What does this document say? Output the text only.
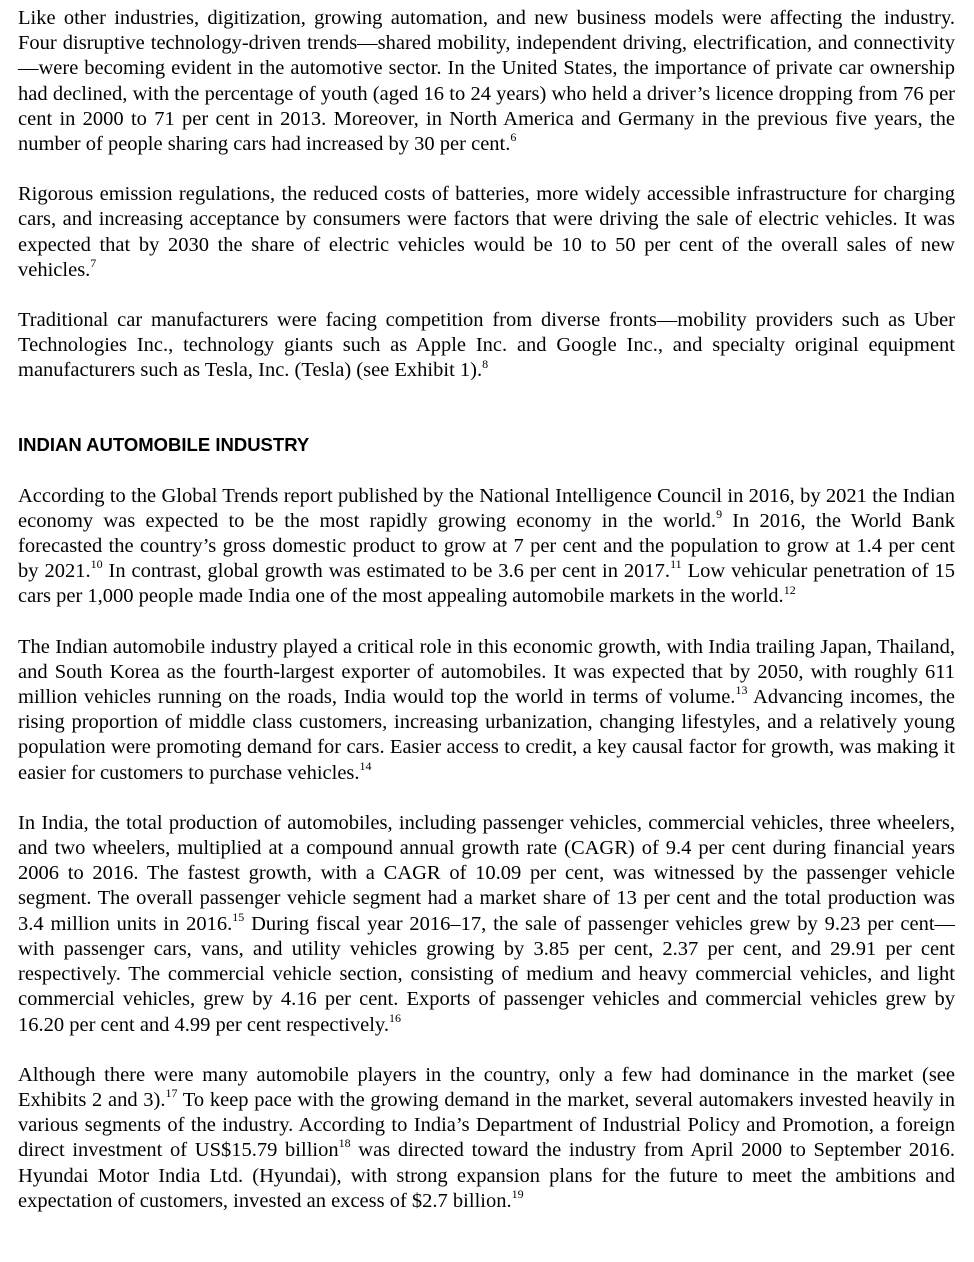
Like other industries, digitization, growing automation, and new business models were affecting the industry. Four disruptive technology-driven trends—shared mobility, independent driving, electrification, and connectivity—were becoming evident in the automotive sector. In the United States, the importance of private car ownership had declined, with the percentage of youth (aged 16 to 24 years) who held a driver’s licence dropping from 76 per cent in 2000 to 71 per cent in 2013. Moreover, in North America and Germany in the previous five years, the number of people sharing cars had increased by 30 per cent.$^6$

Rigorous emission regulations, the reduced costs of batteries, more widely accessible infrastructure for charging cars, and increasing acceptance by consumers were factors that were driving the sale of electric vehicles. It was expected that by 2030 the share of electric vehicles would be 10 to 50 per cent of the overall sales of new vehicles.$^7$

Traditional car manufacturers were facing competition from diverse fronts—mobility providers such as Uber Technologies Inc., technology giants such as Apple Inc. and Google Inc., and specialty original equipment manufacturers such as Tesla, Inc. (Tesla) (see Exhibit 1).$^8$

INDIAN AUTOMOBILE INDUSTRY

According to the Global Trends report published by the National Intelligence Council in 2016, by 2021 the Indian economy was expected to be the most rapidly growing economy in the world.$^9$ In 2016, the World Bank forecasted the country’s gross domestic product to grow at 7 per cent and the population to grow at 1.4 per cent by 2021.10 In contrast, global growth was estimated to be 3.6 per cent in 2017.11 Low vehicular penetration of 15 cars per 1,000 people made India one of the most appealing automobile markets in the world.$^{12}$

The Indian automobile industry played a critical role in this economic growth, with India trailing Japan, Thailand, and South Korea as the fourth-largest exporter of automobiles. It was expected that by 2050, with roughly 611 million vehicles running on the roads, India would top the world in terms of volume.$^{13}$ Advancing incomes, the rising proportion of middle class customers, increasing urbanization, changing lifestyles, and a relatively young population were promoting demand for cars. Easier access to credit, a key causal factor for growth, was making it easier for customers to purchase vehicles.$^{14}$

In India, the total production of automobiles, including passenger vehicles, commercial vehicles, three wheelers, and two wheelers, multiplied at a compound annual growth rate (CAGR) of 9.4 per cent during financial years 2006 to 2016. The fastest growth, with a CAGR of 10.09 per cent, was witnessed by the passenger vehicle segment. The overall passenger vehicle segment had a market share of 13 per cent and the total production was 3.4 million units in 2016.15 During fiscal year 2016–17, the sale of passenger vehicles grew by 9.23 per cent—with passenger cars, vans, and utility vehicles growing by 3.85 per cent, 2.37 per cent, and 29.91 per cent respectively. The commercial vehicle section, consisting of medium and heavy commercial vehicles, and light commercial vehicles, grew by 4.16 per cent. Exports of passenger vehicles and commercial vehicles grew by 16.20 per cent and 4.99 per cent respectively.$^{16}$

Although there were many automobile players in the country, only a few had dominance in the market (see Exhibits 2 and 3).$^{17}$ To keep pace with the growing demand in the market, several automakers invested heavily in various segments of the industry. According to India’s Department of Industrial Policy and Promotion, a foreign direct investment of US$15.79 billion$^{18}$ was directed toward the industry from April 2000 to September 2016. Hyundai Motor India Ltd. (Hyundai), with strong expansion plans for the future to meet the ambitions and expectation of customers, invested an excess of $2.7 billion.$^{19}$
